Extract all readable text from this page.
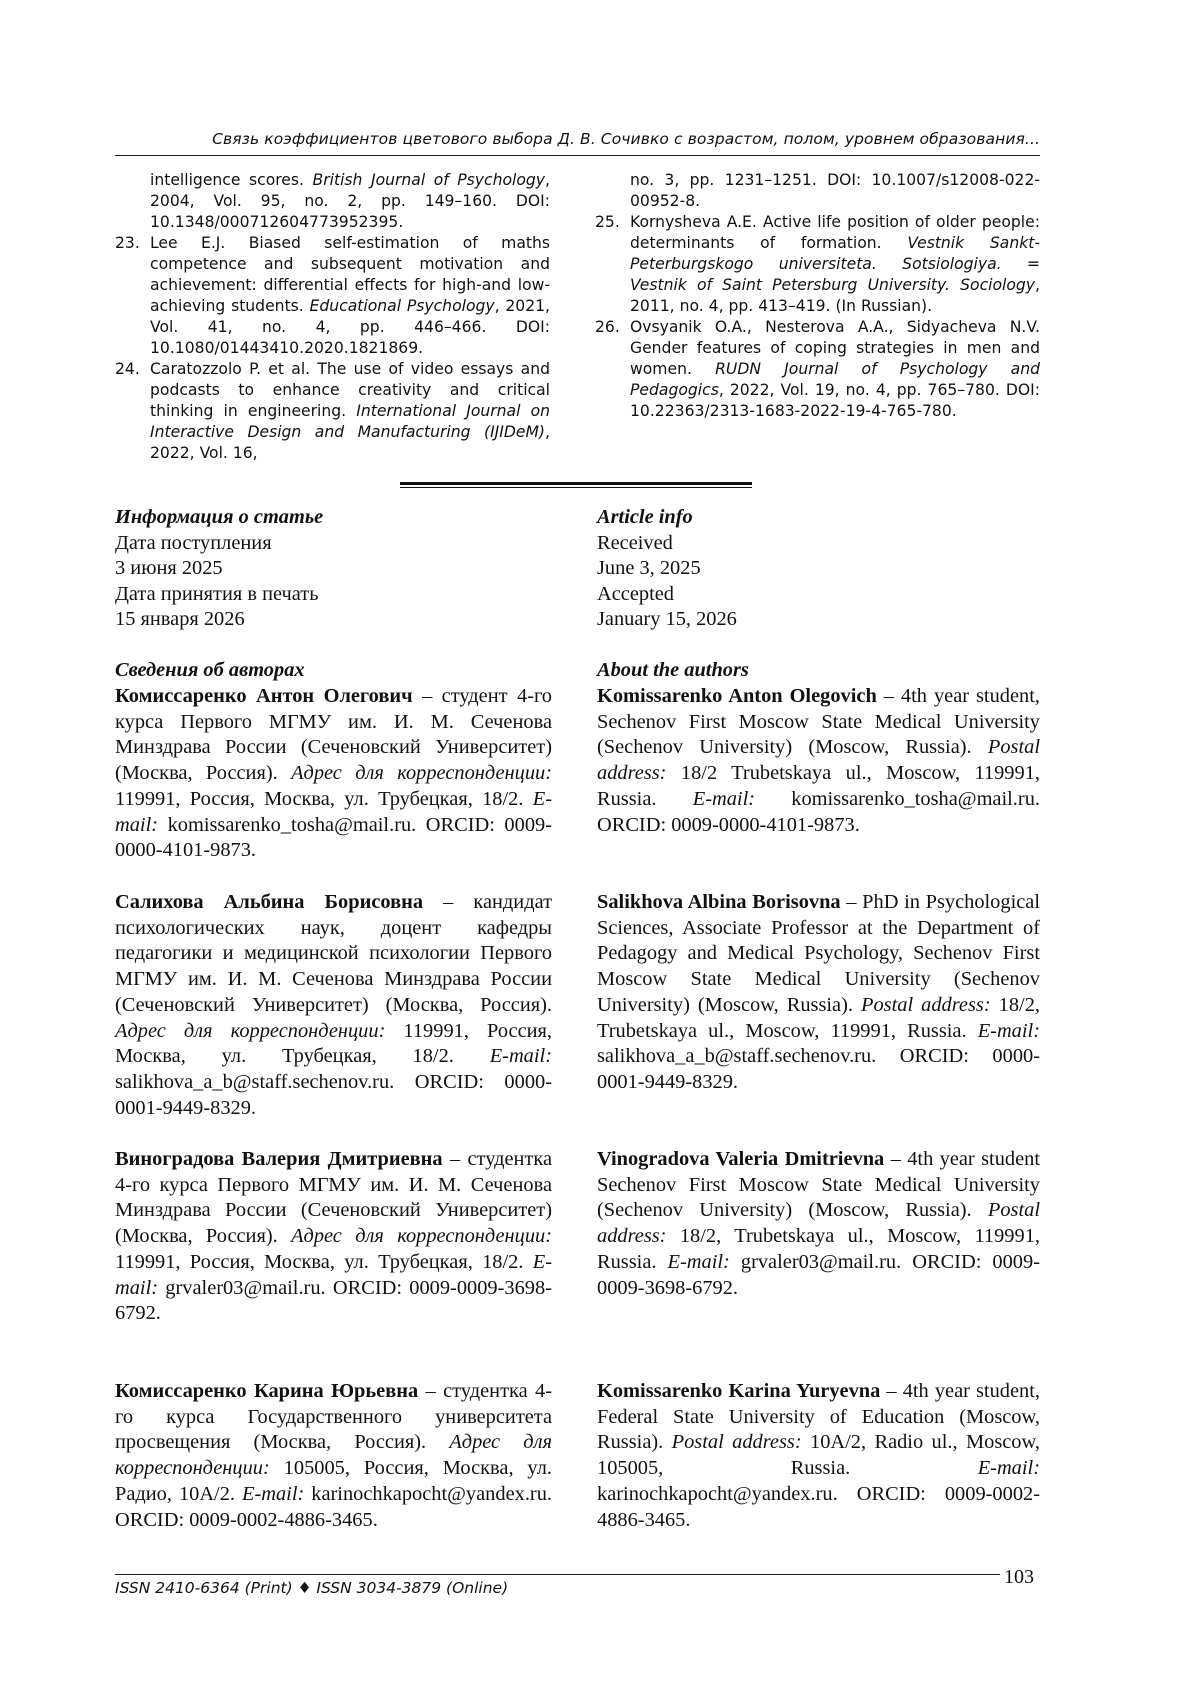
Связь коэффициентов цветового выбора Д. В. Сочивко с возрастом, полом, уровнем образования...
intelligence scores. British Journal of Psychology, 2004, Vol. 95, no. 2, pp. 149–160. DOI: 10.1348/000712604773952395.
23. Lee E.J. Biased self-estimation of maths competence and subsequent motivation and achievement: differential effects for high-and low-achieving students. Educational Psychology, 2021, Vol. 41, no. 4, pp. 446–466. DOI: 10.1080/01443410.2020.1821869.
24. Caratozzolo P. et al. The use of video essays and podcasts to enhance creativity and critical thinking in engineering. International Journal on Interactive Design and Manufacturing (IJIDeM), 2022, Vol. 16,
no. 3, pp. 1231–1251. DOI: 10.1007/s12008-022-00952-8.
25. Kornysheva A.E. Active life position of older people: determinants of formation. Vestnik Sankt-Peterburgskogo universiteta. Sotsiologiya. = Vestnik of Saint Petersburg University. Sociology, 2011, no. 4, pp. 413–419. (In Russian).
26. Ovsyanik O.A., Nesterova A.A., Sidyacheva N.V. Gender features of coping strategies in men and women. RUDN Journal of Psychology and Pedagogics, 2022, Vol. 19, no. 4, pp. 765–780. DOI: 10.22363/2313-1683-2022-19-4-765-780.
Информация о статье
Дата поступления
3 июня 2025
Дата принятия в печать
15 января 2026
Article info
Received
June 3, 2025
Accepted
January 15, 2026
Сведения об авторах	About the authors
Комиссаренко Антон Олегович – студент 4-го курса Первого МГМУ им. И. М. Сеченова Минздрава России (Сеченовский Университет) (Москва, Россия). Адрес для корреспонденции: 119991, Россия, Москва, ул. Трубецкая, 18/2. E-mail: komissarenko_tosha@mail.ru. ORCID: 0009-0000-4101-9873.
Komissarenko Anton Olegovich – 4th year student, Sechenov First Moscow State Medical University (Sechenov University) (Moscow, Russia). Postal address: 18/2 Trubetskaya ul., Moscow, 119991, Russia. E-mail: komissarenko_tosha@mail.ru. ORCID: 0009-0000-4101-9873.
Салихова Альбина Борисовна – кандидат психологических наук, доцент кафедры педагогики и медицинской психологии Первого МГМУ им. И. М. Сеченова Минздрава России (Сеченовский Университет) (Москва, Россия). Адрес для корреспонденции: 119991, Россия, Москва, ул. Трубецкая, 18/2. E-mail: salikhova_a_b@staff.sechenov.ru. ORCID: 0000-0001-9449-8329.
Salikhova Albina Borisovna – PhD in Psychological Sciences, Associate Professor at the Department of Pedagogy and Medical Psychology, Sechenov First Moscow State Medical University (Sechenov University) (Moscow, Russia). Postal address: 18/2, Trubetskaya ul., Moscow, 119991, Russia. E-mail: salikhova_a_b@staff.sechenov.ru. ORCID: 0000-0001-9449-8329.
Виноградова Валерия Дмитриевна – студентка 4-го курса Первого МГМУ им. И. М. Сеченова Минздрава России (Сеченовский Университет) (Москва, Россия). Адрес для корреспонденции: 119991, Россия, Москва, ул. Трубецкая, 18/2. E-mail: grvaler03@mail.ru. ORCID: 0009-0009-3698-6792.
Vinogradova Valeria Dmitrievna – 4th year student Sechenov First Moscow State Medical University (Sechenov University) (Moscow, Russia). Postal address: 18/2, Trubetskaya ul., Moscow, 119991, Russia. E-mail: grvaler03@mail.ru. ORCID: 0009-0009-3698-6792.
Комиссаренко Карина Юрьевна – студентка 4-го курса Государственного университета просвещения (Москва, Россия). Адрес для корреспонденции: 105005, Россия, Москва, ул. Радио, 10А/2. E-mail: karinochkapocht@yandex.ru. ORCID: 0009-0002-4886-3465.
Komissarenko Karina Yuryevna – 4th year student, Federal State University of Education (Moscow, Russia). Postal address: 10A/2, Radio ul., Moscow, 105005, Russia. E-mail: karinochkapocht@yandex.ru. ORCID: 0009-0002-4886-3465.
ISSN 2410-6364 (Print) ♦ ISSN 3034-3879 (Online)	103
